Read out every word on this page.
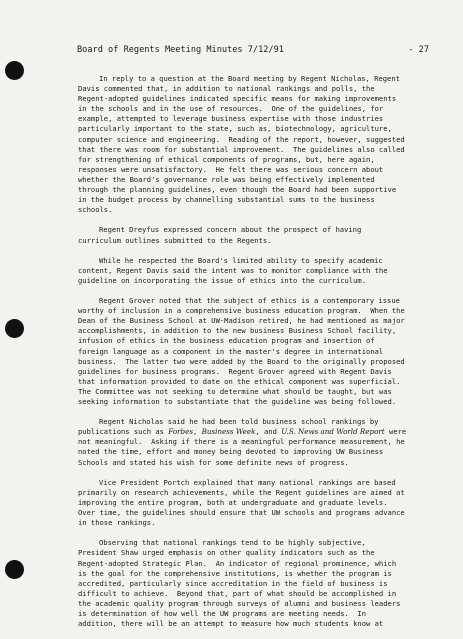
Board of Regents Meeting Minutes 7/12/91	- 27
In reply to a question at the Board meeting by Regent Nicholas, Regent
Davis commented that, in addition to national rankings and polls, the
Regent-adopted guidelines indicated specific means for making improvements
in the schools and in the use of resources.  One of the guidelines, for
example, attempted to leverage business expertise with those industries
particularly important to the state, such as, biotechnology, agriculture,
computer science and engineering.  Reading of the report, however, suggested
that there was room for substantial improvement.  The guidelines also called
for strengthening of ethical components of programs, but, here again,
responses were unsatisfactory.  He felt there was serious concern about
whether the Board's governance role was being effectively implemented
through the planning guidelines, even though the Board had been supportive
in the budget process by channelling substantial sums to the business
schools.
Regent Dreyfus expressed concern about the prospect of having
curriculum outlines submitted to the Regents.
While he respected the Board's limited ability to specify academic
content, Regent Davis said the intent was to monitor compliance with the
guideline on incorporating the issue of ethics into the curriculum.
Regent Grover noted that the subject of ethics is a contemporary issue
worthy of inclusion in a comprehensive business education program.  When the
Dean of the Business School at UW-Madison retired, he had mentioned as major
accomplishments, in addition to the new business Business School facility,
infusion of ethics in the business education program and insertion of
foreign language as a component in the master's degree in international
business.  The latter two were added by the Board to the originally proposed
guidelines for business programs.  Regent Grover agreed with Regent Davis
that information provided to date on the ethical component was superficial.
The Committee was not seeking to determine what should be taught, but was
seeking information to substantiate that the guideline was being followed.
Regent Nicholas said he had been told business school rankings by
publications such as Forbes, Business Week, and U.S. News and World Report were
not meaningful.  Asking if there is a meaningful performance measurement, he
noted the time, effort and money being devoted to improving UW Business
Schools and stated his wish for some definite news of progress.
Vice President Portch explained that many national rankings are based
primarily on research achievements, while the Regent guidelines are aimed at
improving the entire program, both at undergraduate and graduate levels.
Over time, the guidelines should ensure that UW schools and programs advance
in those rankings.
Observing that national rankings tend to be highly subjective,
President Shaw urged emphasis on other quality indicators such as the
Regent-adopted Strategic Plan.  An indicator of regional prominence, which
is the goal for the comprehensive institutions, is whether the program is
accredited, particularly since accreditation in the field of business is
difficult to achieve.  Beyond that, part of what should be accomplished in
the academic quality program through surveys of alumni and business leaders
is determination of how well the UW programs are meeting needs.  In
addition, there will be an attempt to measure how much students know at
